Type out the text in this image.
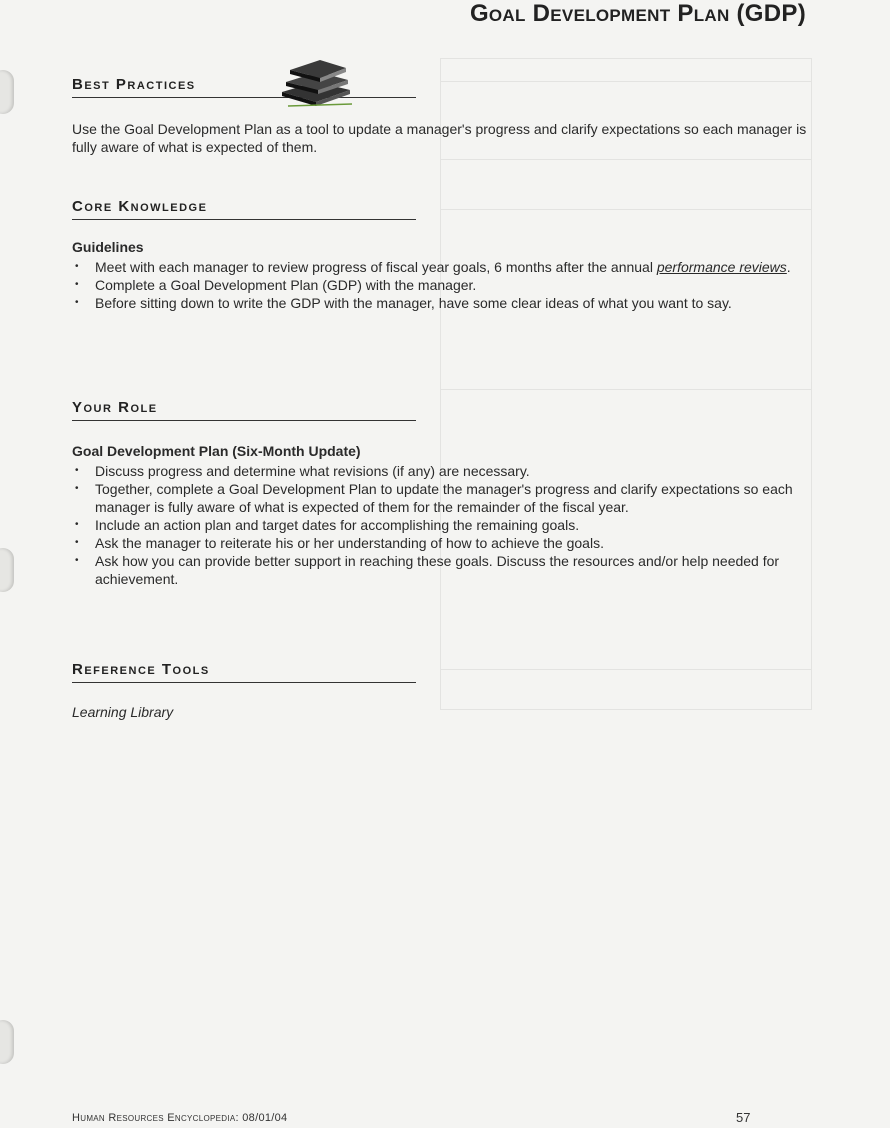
Goal Development Plan (GDP)
Best Practices
Use the Goal Development Plan as a tool to update a manager's progress and clarify expectations so each manager is fully aware of what is expected of them.
Core Knowledge
Guidelines
• Meet with each manager to review progress of fiscal year goals, 6 months after the annual performance reviews.
• Complete a Goal Development Plan (GDP) with the manager.
• Before sitting down to write the GDP with the manager, have some clear ideas of what you want to say.
Your Role
Goal Development Plan (Six-Month Update)
• Discuss progress and determine what revisions (if any) are necessary.
• Together, complete a Goal Development Plan to update the manager's progress and clarify expectations so each manager is fully aware of what is expected of them for the remainder of the fiscal year.
• Include an action plan and target dates for accomplishing the remaining goals.
• Ask the manager to reiterate his or her understanding of how to achieve the goals.
• Ask how you can provide better support in reaching these goals. Discuss the resources and/or help needed for achievement.
Reference Tools
Learning Library
Human Resources Encyclopedia: 08/01/04	57
